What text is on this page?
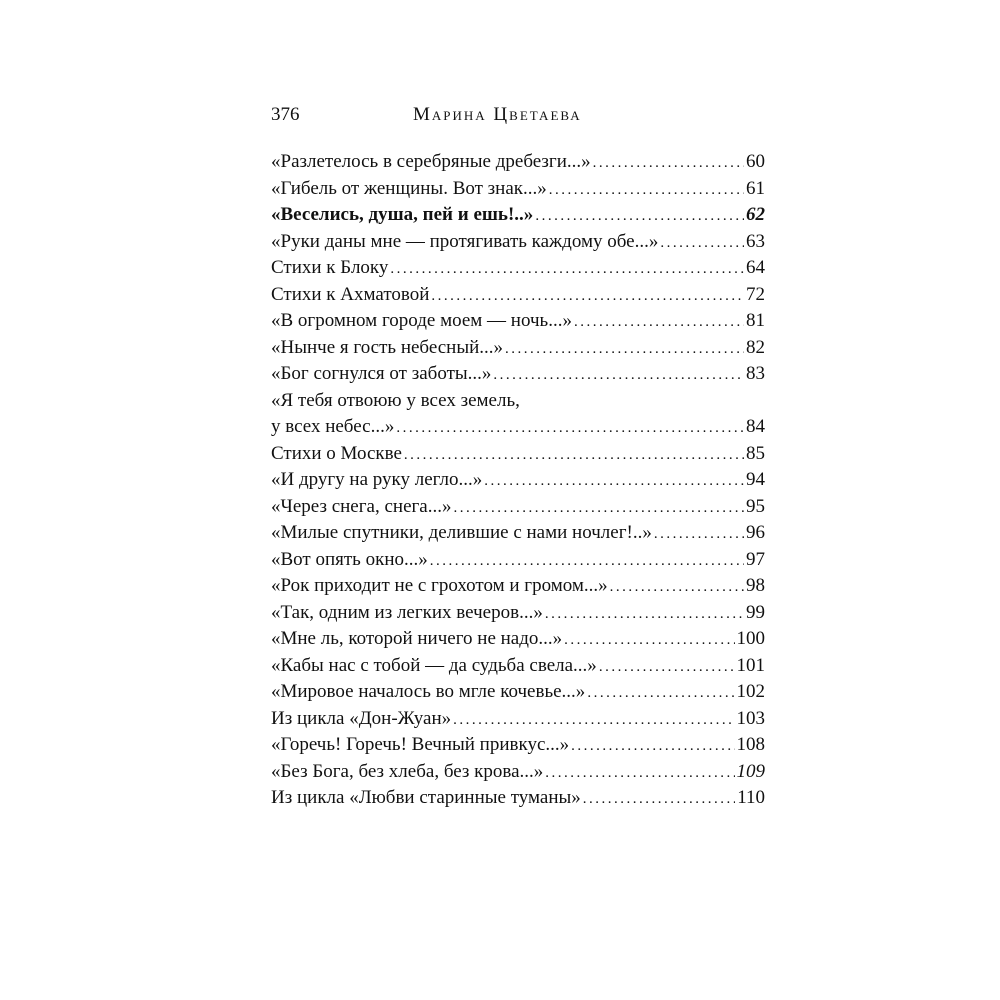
376	Марина Цветаева
«Разлетелось в серебряные дребезги...» .....	60
«Гибель от женщины. Вот знак...» .....	61
«Веселись, душа, пей и ешь!..» .....	62
«Руки даны мне — протягивать каждому обе...» .....	63
Стихи к Блоку .....	64
Стихи к Ахматовой .....	72
«В огромном городе моем — ночь...» .....	81
«Нынче я гость небесный...» .....	82
«Бог согнулся от заботы...» .....	83
«Я тебя отвоюю у всех земель,
у всех небес...» .....	84
Стихи о Москве .....	85
«И другу на руку легло...» .....	94
«Через снега, снега...» .....	95
«Милые спутники, делившие с нами ночлег!..» .....	96
«Вот опять окно...» .....	97
«Рок приходит не с грохотом и громом...» .....	98
«Так, одним из легких вечеров...» .....	99
«Мне ль, которой ничего не надо...» .....	100
«Кабы нас с тобой — да судьба свела...» .....	101
«Мировое началось во мгле кочевье...» .....	102
Из цикла «Дон-Жуан» .....	103
«Горечь! Горечь! Вечный привкус...» .....	108
«Без Бога, без хлеба, без крова...» .....	109
Из цикла «Любви старинные туманы» .....	110
